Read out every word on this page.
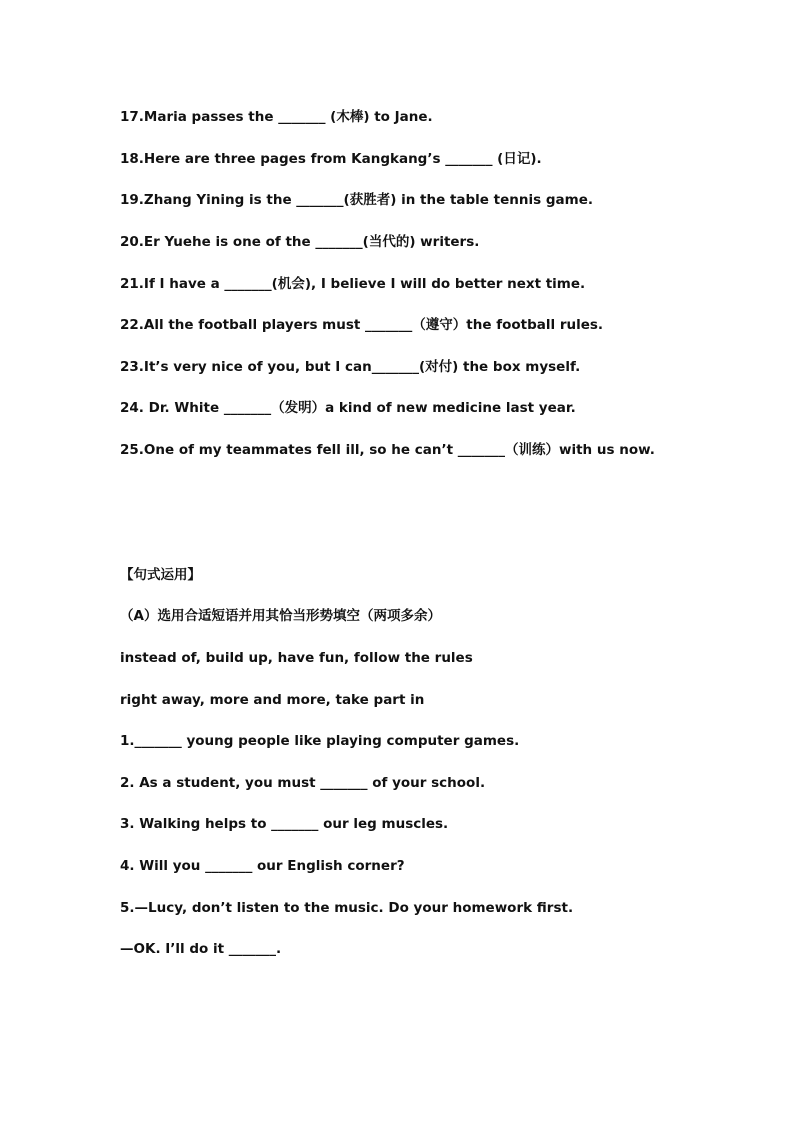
17.Maria passes the _______ (木棒) to Jane.
18.Here are three pages from Kangkang’s _______ (日记).
19.Zhang Yining is the _______(获胜者) in the table tennis game.
20.Er Yuehe is one of the _______(当代的) writers.
21.If I have a _______(机会), I believe I will do better next time.
22.All the football players must _______（遵守）the football rules.
23.It’s very nice of you, but I can_______(对付) the box myself.
24. Dr. White _______（发明）a kind of new medicine last year.
25.One of my teammates fell ill, so he can’t _______（训练）with us now.
【句式运用】
（A）选用合适短语并用其恰当形势填空（两项多余）
instead of, build up, have fun, follow the rules
right away, more and more, take part in
1._______ young people like playing computer games.
2. As a student, you must _______ of your school.
3. Walking helps to _______ our leg muscles.
4. Will you _______ our English corner?
5.—Lucy, don’t listen to the music. Do your homework first.
—OK. I’ll do it _______.
